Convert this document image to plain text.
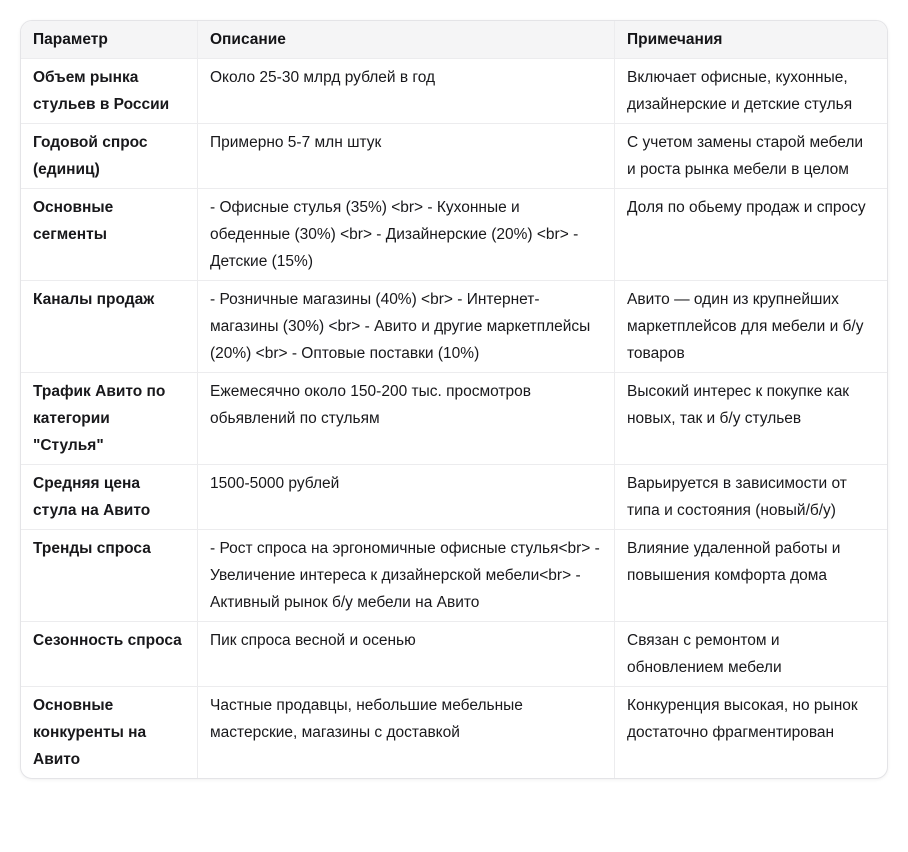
Параметр	Описание	Примечания
Объем рынка стульев в России	Около 25-30 млрд рублей в год	Включает офисные, кухонные, дизайнерские и детские стулья
Годовой спрос (единиц)	Примерно 5-7 млн штук	С учетом замены старой мебели и роста рынка мебели в целом
Основные сегменты	- Офисные стулья (35%) <br> - Кухонные и обеденные (30%) <br> - Дизайнерские (20%) <br> - Детские (15%)	Доля по обьему продаж и спросу
Каналы продаж	- Розничные магазины (40%) <br> - Интернет-магазины (30%) <br> - Авито и другие маркетплейсы (20%) <br> - Оптовые поставки (10%)	Авито — один из крупнейших маркетплейсов для мебели и б/у товаров
Трафик Авито по категории "Стулья"	Ежемесячно около 150-200 тыс. просмотров обьявлений по стульям	Высокий интерес к покупке как новых, так и б/у стульев
Средняя цена стула на Авито	1500-5000 рублей	Варьируется в зависимости от типа и состояния (новый/б/у)
Тренды спроса	- Рост спроса на эргономичные офисные стулья<br> - Увеличение интереса к дизайнерской мебели<br> - Активный рынок б/у мебели на Авито	Влияние удаленной работы и повышения комфорта дома
Сезонность спроса	Пик спроса весной и осенью	Связан с ремонтом и обновлением мебели
Основные конкуренты на Авито	Частные продавцы, небольшие мебельные мастерские, магазины с доставкой	Конкуренция высокая, но рынок достаточно фрагментирован
